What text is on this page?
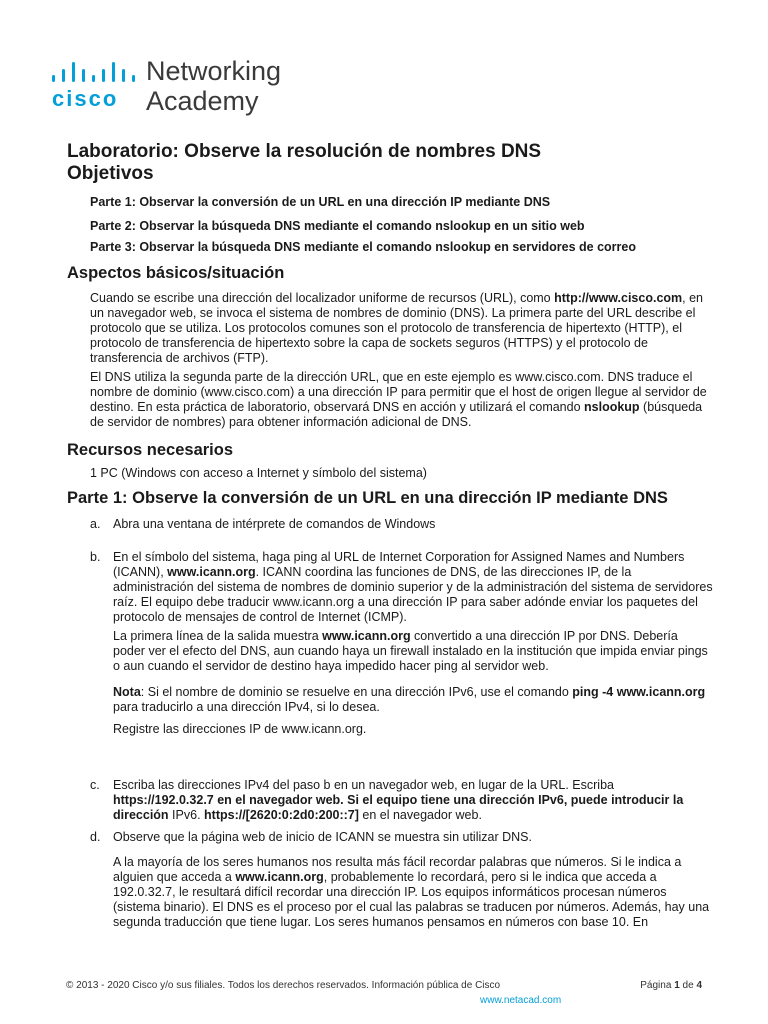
cisco
Networking
Academy
Laboratorio: Observe la resolución de nombres DNS
Objetivos
Parte 1: Observar la conversión de un URL en una dirección IP mediante DNS
Parte 2: Observar la búsqueda DNS mediante el comando nslookup en un sitio web
Parte 3: Observar la búsqueda DNS mediante el comando nslookup en servidores de correo
Aspectos básicos/situación

Cuando se escribe una dirección del localizador uniforme de recursos (URL), como http://www.cisco.com, en un navegador web, se invoca el sistema de nombres de dominio (DNS). La primera parte del URL describe el protocolo que se utiliza. Los protocolos comunes son el protocolo de transferencia de hipertexto (HTTP), el protocolo de transferencia de hipertexto sobre la capa de sockets seguros (HTTPS) y el protocolo de transferencia de archivos (FTP).

El DNS utiliza la segunda parte de la dirección URL, que en este ejemplo es www.cisco.com. DNS traduce el nombre de dominio (www.cisco.com) a una dirección IP para permitir que el host de origen llegue al servidor de destino. En esta práctica de laboratorio, observará DNS en acción y utilizará el comando nslookup (búsqueda de servidor de nombres) para obtener información adicional de DNS.

Recursos necesarios

1 PC (Windows con acceso a Internet y símbolo del sistema)

Parte 1: Observe la conversión de un URL en una dirección IP mediante DNS
a. Abra una ventana de intérprete de comandos de Windows

b. En el símbolo del sistema, haga ping al URL de Internet Corporation for Assigned Names and Numbers (ICANN), www.icann.org. ICANN coordina las funciones de DNS, de las direcciones IP, de la administración del sistema de nombres de dominio superior y de la administración del sistema de servidores raíz. El equipo debe traducir www.icann.org a una dirección IP para saber adónde enviar los paquetes del protocolo de mensajes de control de Internet (ICMP).

La primera línea de la salida muestra www.icann.org convertido a una dirección IP por DNS. Debería poder ver el efecto del DNS, aun cuando haya un firewall instalado en la institución que impida enviar pings o aun cuando el servidor de destino haya impedido hacer ping al servidor web.

Nota: Si el nombre de dominio se resuelve en una dirección IPv6, use el comando ping -4 www.icann.org para traducirlo a una dirección IPv4, si lo desea.

Registre las direcciones IP de www.icann.org.

c. Escriba las direcciones IPv4 del paso b en un navegador web, en lugar de la URL. Escriba https://192.0.32.7 en el navegador web. Si el equipo tiene una dirección IPv6, puede introducir la dirección IPv6. https://[2620:0:2d0:200::7] en el navegador web.

d. Observe que la página web de inicio de ICANN se muestra sin utilizar DNS.

A la mayoría de los seres humanos nos resulta más fácil recordar palabras que números. Si le indica a alguien que acceda a www.icann.org, probablemente lo recordará, pero si le indica que acceda a 192.0.32.7, le resultará difícil recordar una dirección IP. Los equipos informáticos procesan números (sistema binario). El DNS es el proceso por el cual las palabras se traducen por números. Además, hay una segunda traducción que tiene lugar. Los seres humanos pensamos en números con base 10. En

© 2013 - 2020 Cisco y/o sus filiales. Todos los derechos reservados. Información pública de Cisco	Página 1 de 4
www.netacad.com
